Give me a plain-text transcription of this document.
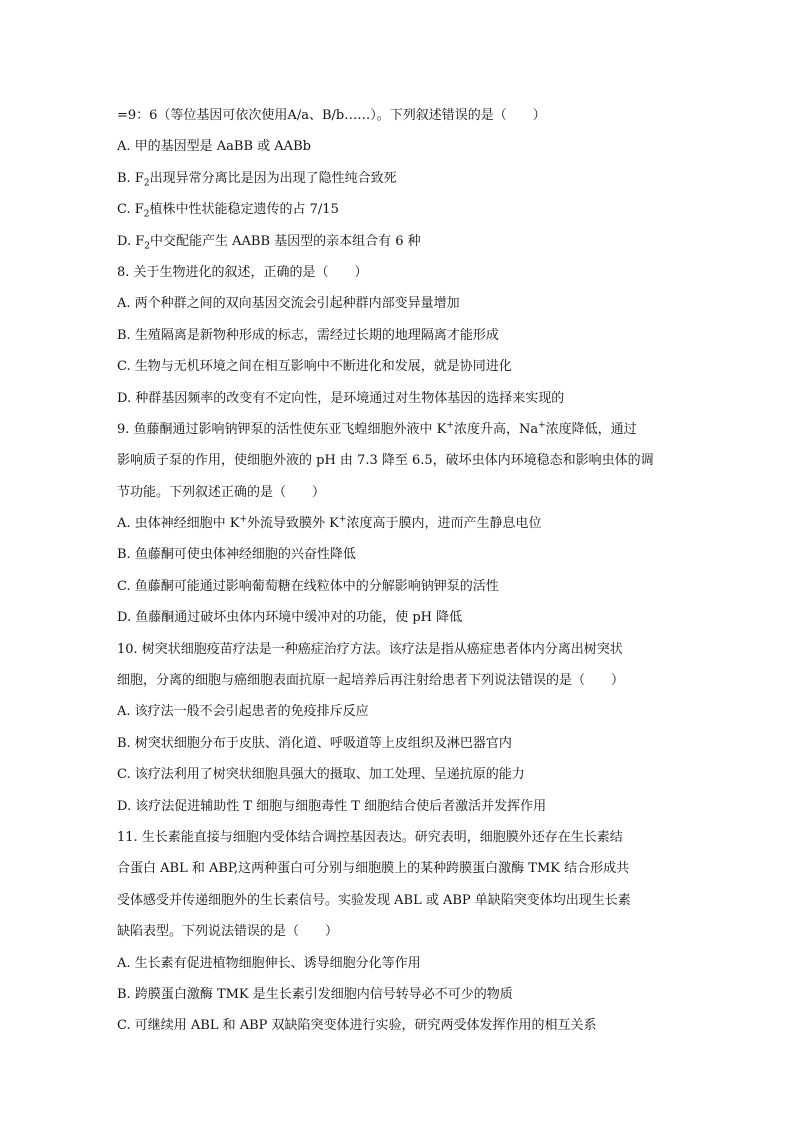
=9：6（等位基因可依次使用A/a、B/b……）。下列叙述错误的是（　　）
A. 甲的基因型是 AaBB 或 AABb
B. $F_2$出现异常分离比是因为出现了隐性纯合致死
C. $F_2$植株中性状能稳定遗传的占 7/15
D. $F_2$中交配能产生 AABB 基因型的亲本组合有 6 种
8. 关于生物进化的叙述，正确的是（　　）
A. 两个种群之间的双向基因交流会引起种群内部变异量增加
B. 生殖隔离是新物种形成的标志，需经过长期的地理隔离才能形成
C. 生物与无机环境之间在相互影响中不断进化和发展，就是协同进化
D. 种群基因频率的改变有不定向性，是环境通过对生物体基因的选择来实现的
9. 鱼藤酮通过影响钠钾泵的活性使东亚飞蝗细胞外液中 K+浓度升高，Na+浓度降低，通过
影响质子泵的作用，使细胞外液的 pH 由 7.3 降至 6.5，破坏虫体内环境稳态和影响虫体的调
节功能。下列叙述正确的是（　　）
A. 虫体神经细胞中 K+外流导致膜外 K+浓度高于膜内，进而产生静息电位
B. 鱼藤酮可使虫体神经细胞的兴奋性降低
C. 鱼藤酮可能通过影响葡萄糖在线粒体中的分解影响钠钾泵的活性
D. 鱼藤酮通过破坏虫体内环境中缓冲对的功能，使 pH 降低
10. 树突状细胞疫苗疗法是一种癌症治疗方法。该疗法是指从癌症患者体内分离出树突状
细胞，分离的细胞与癌细胞表面抗原一起培养后再注射给患者下列说法错误的是（　　）
A. 该疗法一般不会引起患者的免疫排斥反应
B. 树突状细胞分布于皮肤、消化道、呼吸道等上皮组织及淋巴器官内
C. 该疗法利用了树突状细胞具强大的摄取、加工处理、呈递抗原的能力
D. 该疗法促进辅助性 T 细胞与细胞毒性 T 细胞结合使后者激活并发挥作用
11. 生长素能直接与细胞内受体结合调控基因表达。研究表明，细胞膜外还存在生长素结
合蛋白 ABL 和 ABP,这两种蛋白可分别与细胞膜上的某种跨膜蛋白激酶 TMK 结合形成共
受体感受并传递细胞外的生长素信号。实验发现 ABL 或 ABP 单缺陷突变体均出现生长素
缺陷表型。下列说法错误的是（　　）
A. 生长素有促进植物细胞伸长、诱导细胞分化等作用
B. 跨膜蛋白激酶 TMK 是生长素引发细胞内信号转导必不可少的物质
C. 可继续用 ABL 和 ABP 双缺陷突变体进行实验，研究两受体发挥作用的相互关系
